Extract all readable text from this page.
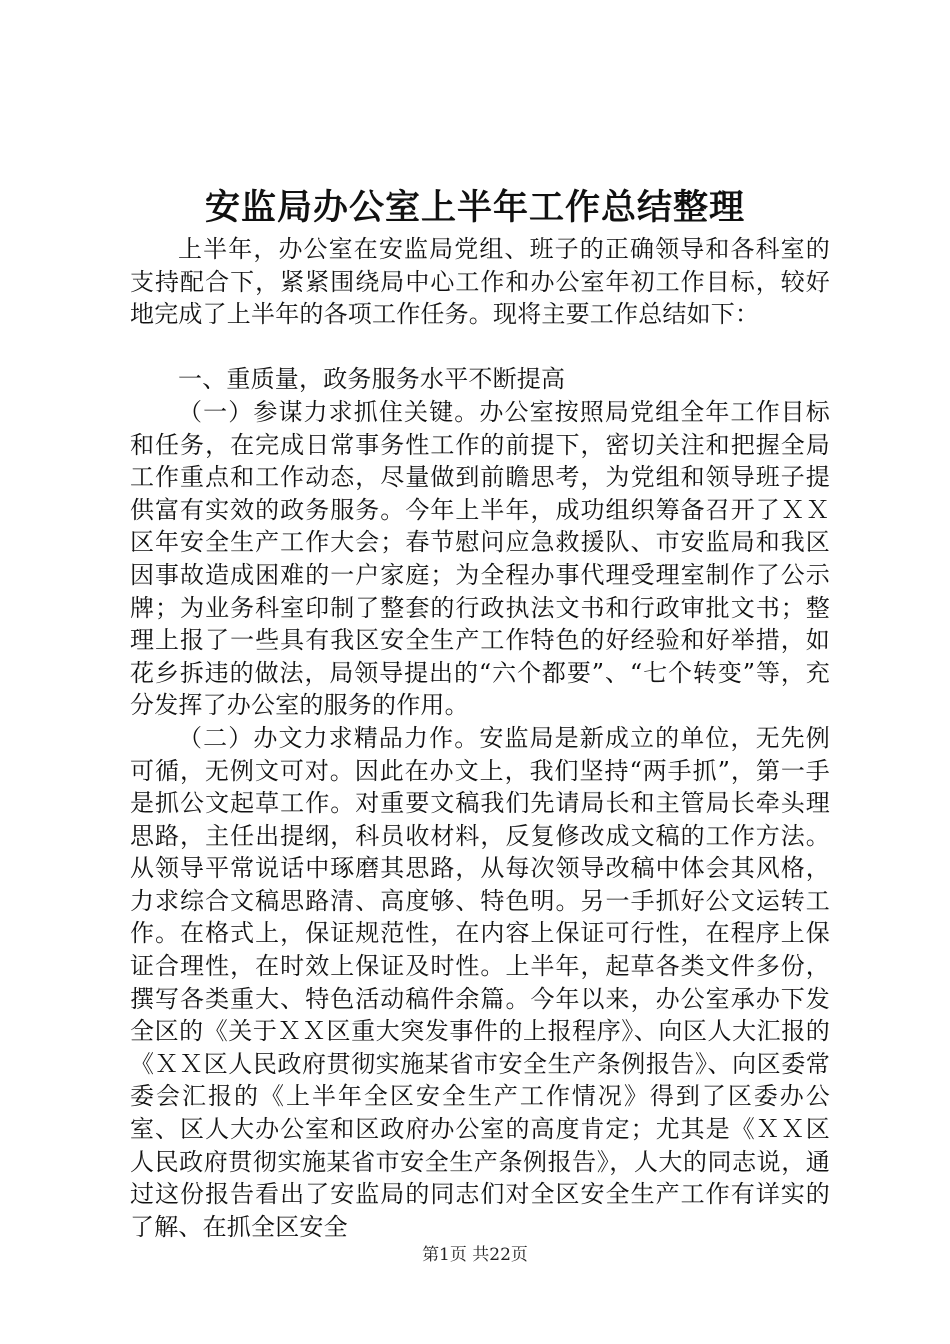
安监局办公室上半年工作总结整理

上半年，办公室在安监局党组、班子的正确领导和各科室的支持配合下，紧紧围绕局中心工作和办公室年初工作目标，较好地完成了上半年的各项工作任务。现将主要工作总结如下：

一、重质量，政务服务水平不断提高

（一）参谋力求抓住关键。办公室按照局党组全年工作目标和任务，在完成日常事务性工作的前提下，密切关注和把握全局工作重点和工作动态，尽量做到前瞻思考，为党组和领导班子提供富有实效的政务服务。今年上半年，成功组织筹备召开了ＸＸ区年安全生产工作大会；春节慰问应急救援队、市安监局和我区因事故造成困难的一户家庭；为全程办事代理受理室制作了公示牌；为业务科室印制了整套的行政执法文书和行政审批文书；整理上报了一些具有我区安全生产工作特色的好经验和好举措，如花乡拆违的做法，局领导提出的“六个都要”、“七个转变”等，充分发挥了办公室的服务的作用。

（二）办文力求精品力作。安监局是新成立的单位，无先例可循，无例文可对。因此在办文上，我们坚持“两手抓”，第一手是抓公文起草工作。对重要文稿我们先请局长和主管局长牵头理思路，主任出提纲，科员收材料，反复修改成文稿的工作方法。从领导平常说话中琢磨其思路，从每次领导改稿中体会其风格，力求综合文稿思路清、高度够、特色明。另一手抓好公文运转工作。在格式上，保证规范性，在内容上保证可行性，在程序上保证合理性，在时效上保证及时性。上半年，起草各类文件多份，撰写各类重大、特色活动稿件余篇。今年以来，办公室承办下发全区的《关于ＸＸ区重大突发事件的上报程序》、向区人大汇报的《ＸＸ区人民政府贯彻实施某省市安全生产条例报告》、向区委常委会汇报的《上半年全区安全生产工作情况》得到了区委办公室、区人大办公室和区政府办公室的高度肯定；尤其是《ＸＸ区人民政府贯彻实施某省市安全生产条例报告》，人大的同志说，通过这份报告看出了安监局的同志们对全区安全生产工作有详实的了解、在抓全区安全

第1页 共22页
